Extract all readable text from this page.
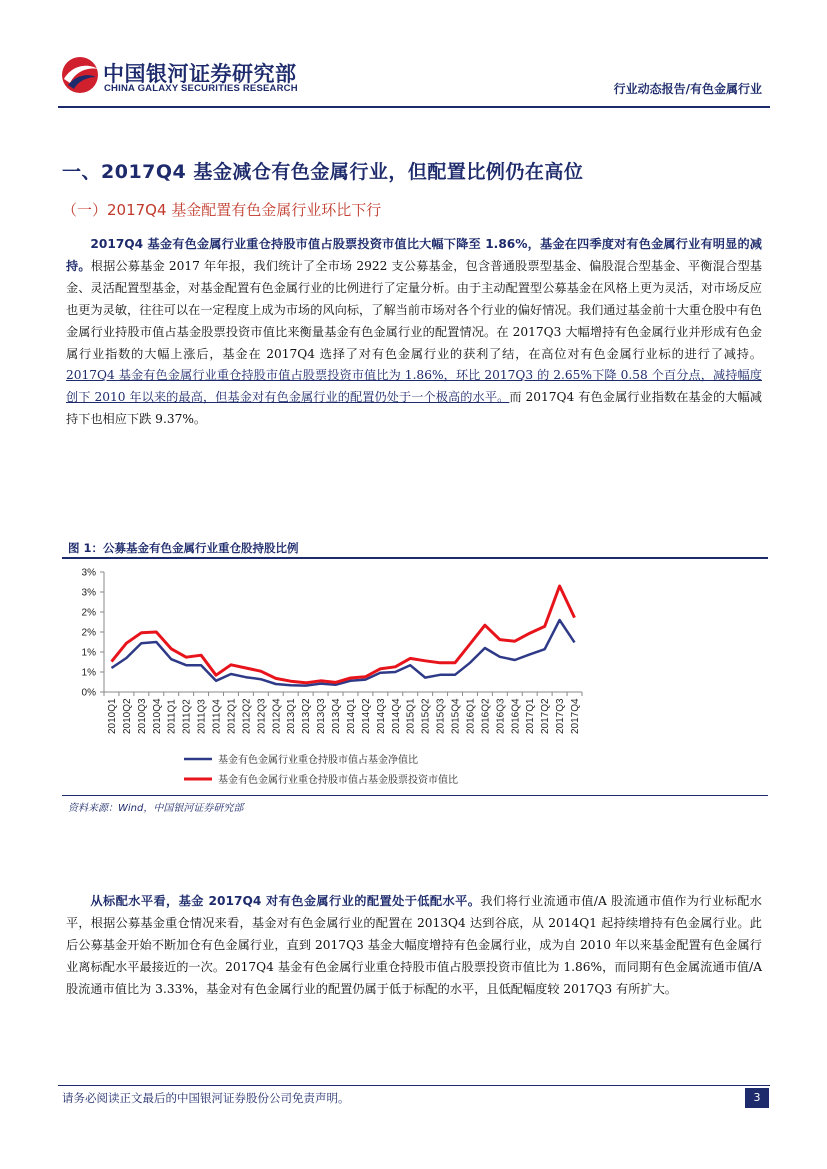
中国银河证券研究部
CHINA GALAXY SECURITIES RESEARCH	行业动态报告/有色金属行业
一、2017Q4 基金减仓有色金属行业，但配置比例仍在高位
（一）2017Q4 基金配置有色金属行业环比下行
2017Q4 基金有色金属行业重仓持股市值占股票投资市值比大幅下降至 1.86%，基金在四季度对有色金属行业有明显的减持。根据公募基金 2017 年年报，我们统计了全市场 2922 支公募基金，包含普通股票型基金、偏股混合型基金、平衡混合型基金、灵活配置型基金，对基金配置有色金属行业的比例进行了定量分析。由于主动配置型公募基金在风格上更为灵活，对市场反应也更为灵敏，往往可以在一定程度上成为市场的风向标，了解当前市场对各个行业的偏好情况。我们通过基金前十大重仓股中有色金属行业持股市值占基金股票投资市值比来衡量基金有色金属行业的配置情况。在 2017Q3 大幅增持有色金属行业并形成有色金属行业指数的大幅上涨后，基金在 2017Q4 选择了对有色金属行业的获利了结，在高位对有色金属行业标的进行了减持。2017Q4 基金有色金属行业重仓持股市值占股票投资市值比为 1.86%，环比 2017Q3 的 2.65%下降 0.58 个百分点，减持幅度创下 2010 年以来的最高，但基金对有色金属行业的配置仍处于一个极高的水平。而 2017Q4 有色金属行业指数在基金的大幅减持下也相应下跌 9.37%。
图 1：公募基金有色金属行业重仓股持股比例
0%
1%
1%
2%
2%
3%
3%
2010Q1 2010Q2 2010Q3 2010Q4 2011Q1 2011Q2 2011Q3 2011Q4 2012Q1 2012Q2 2012Q3 2012Q4 2013Q1 2013Q2 2013Q3 2013Q4 2014Q1 2014Q2 2014Q3 2014Q4 2015Q1 2015Q2 2015Q3 2015Q4 2016Q1 2016Q2 2016Q3 2016Q4 2017Q1 2017Q2 2017Q3 2017Q4
基金有色金属行业重仓持股市值占基金净值比
基金有色金属行业重仓持股市值占基金股票投资市值比
资料来源：Wind，中国银河证券研究部
从标配水平看，基金 2017Q4 对有色金属行业的配置处于低配水平。我们将行业流通市值/A 股流通市值作为行业标配水平，根据公募基金重仓情况来看，基金对有色金属行业的配置在 2013Q4 达到谷底，从 2014Q1 起持续增持有色金属行业。此后公募基金开始不断加仓有色金属行业，直到 2017Q3 基金大幅度增持有色金属行业，成为自 2010 年以来基金配置有色金属行业离标配水平最接近的一次。2017Q4 基金有色金属行业重仓持股市值占股票投资市值比为 1.86%，而同期有色金属流通市值/A 股流通市值比为 3.33%，基金对有色金属行业的配置仍属于低于标配的水平，且低配幅度较 2017Q3 有所扩大。
请务必阅读正文最后的中国银河证券股份公司免责声明。	3
